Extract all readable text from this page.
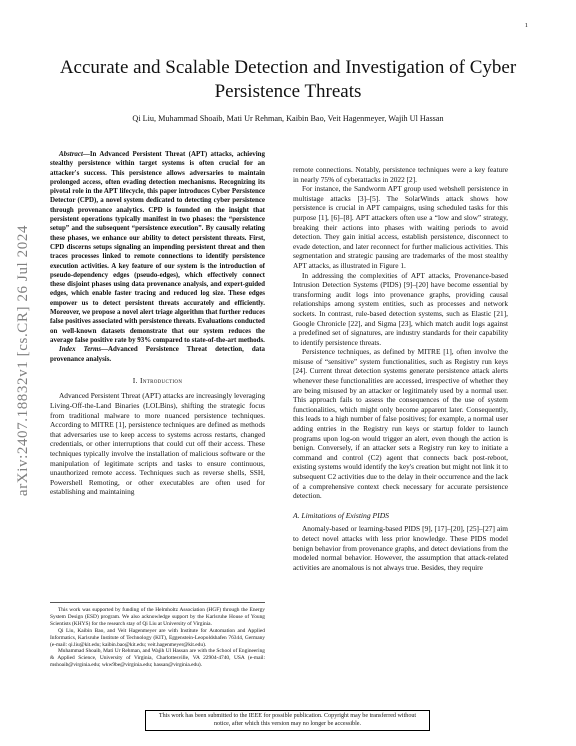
1
arXiv:2407.18832v1 [cs.CR] 26 Jul 2024
Accurate and Scalable Detection and Investigation of Cyber Persistence Threats
Qi Liu, Muhammad Shoaib, Mati Ur Rehman, Kaibin Bao, Veit Hagenmeyer, Wajih Ul Hassan

Abstract—In Advanced Persistent Threat (APT) attacks, achieving stealthy persistence within target systems is often crucial for an attacker's success. This persistence allows adversaries to maintain prolonged access, often evading detection mechanisms. Recognizing its pivotal role in the APT lifecycle, this paper introduces Cyber Persistence Detector (CPD), a novel system dedicated to detecting cyber persistence through provenance analytics. CPD is founded on the insight that persistent operations typically manifest in two phases: the “persistence setup” and the subsequent “persistence execution”. By causally relating these phases, we enhance our ability to detect persistent threats. First, CPD discerns setups signaling an impending persistent threat and then traces processes linked to remote connections to identify persistence execution activities. A key feature of our system is the introduction of pseudo-dependency edges (pseudo-edges), which effectively connect these disjoint phases using data provenance analysis, and expert-guided edges, which enable faster tracing and reduced log size. These edges empower us to detect persistent threats accurately and efficiently. Moreover, we propose a novel alert triage algorithm that further reduces false positives associated with persistence threats. Evaluations conducted on well-known datasets demonstrate that our system reduces the average false positive rate by 93% compared to state-of-the-art methods.

Index Terms—Advanced Persistence Threat detection, data provenance analysis.

I. Introduction

Advanced Persistent Threat (APT) attacks are increasingly leveraging Living-Off-the-Land Binaries (LOLBins), shifting the strategic focus from traditional malware to more nuanced persistence techniques. According to MITRE [1], persistence techniques are defined as methods that adversaries use to keep access to systems across restarts, changed credentials, or other interruptions that could cut off their access. These techniques typically involve the installation of malicious software or the manipulation of legitimate scripts and tasks to ensure continuous, unauthorized remote access. Techniques such as reverse shells, SSH, Powershell Remoting, or other executables are often used for establishing and maintaining

This work was supported by funding of the Helmholtz Association (HGF) through the Energy System Design (ESD) program. We also acknowledge support by the Karlsruhe House of Young Scientists (KHYS) for the research stay of Qi Liu at University of Virginia.

Qi Liu, Kaibin Bao, and Veit Hagenmeyer are with Institute for Automation and Applied Informatics, Karlsruhe Institute of Technology (KIT), Eggenstein-Leopoldshafen 76344, Germany (e-mail: qi.liu@kit.edu; kaibin.bao@kit.edu; veit.hagenmeyer@kit.edu).

Muhammad Shoaib, Mati Ur Rehman, and Wajih Ul Hassan are with the School of Engineering & Applied Science, University of Virginia, Charlottesville, VA 22904-4740, USA (e-mail: mshoaib@virginia.edu; wkw9be@virginia.edu; hassan@virginia.edu).

remote connections. Notably, persistence techniques were a key feature in nearly 75% of cyberattacks in 2022 [2].

For instance, the Sandworm APT group used webshell persistence in multistage attacks [3]–[5]. The SolarWinds attack shows how persistence is crucial in APT campaigns, using scheduled tasks for this purpose [1], [6]–[8]. APT attackers often use a “low and slow” strategy, breaking their actions into phases with waiting periods to avoid detection. They gain initial access, establish persistence, disconnect to evade detection, and later reconnect for further malicious activities. This segmentation and strategic pausing are trademarks of the most stealthy APT attacks, as illustrated in Figure 1.

In addressing the complexities of APT attacks, Provenance-based Intrusion Detection Systems (PIDS) [9]–[20] have become essential by transforming audit logs into provenance graphs, providing causal relationships among system entities, such as processes and network sockets. In contrast, rule-based detection systems, such as Elastic [21], Google Chronicle [22], and Sigma [23], which match audit logs against a predefined set of signatures, are industry standards for their capability to identify persistence threats.

Persistence techniques, as defined by MITRE [1], often involve the misuse of “sensitive” system functionalities, such as Registry run keys [24]. Current threat detection systems generate persistence attack alerts whenever these functionalities are accessed, irrespective of whether they are being misused by an attacker or legitimately used by a normal user. This approach fails to assess the consequences of the use of system functionalities, which might only become apparent later. Consequently, this leads to a high number of false positives; for example, a normal user adding entries in the Registry run keys or startup folder to launch programs upon log-on would trigger an alert, even though the action is benign. Conversely, if an attacker sets a Registry run key to initiate a command and control (C2) agent that connects back post-reboot, existing systems would identify the key's creation but might not link it to subsequent C2 activities due to the delay in their occurrence and the lack of a comprehensive context check necessary for accurate persistence detection.

A. Limitations of Existing PIDS

Anomaly-based or learning-based PIDS [9], [17]–[20], [25]–[27] aim to detect novel attacks with less prior knowledge. These PIDS model benign behavior from provenance graphs, and detect deviations from the modeled normal behavior. However, the assumption that attack-related activities are anomalous is not always true. Besides, they require

This work has been submitted to the IEEE for possible publication. Copyright may be transferred without notice, after which this version may no longer be accessible.
